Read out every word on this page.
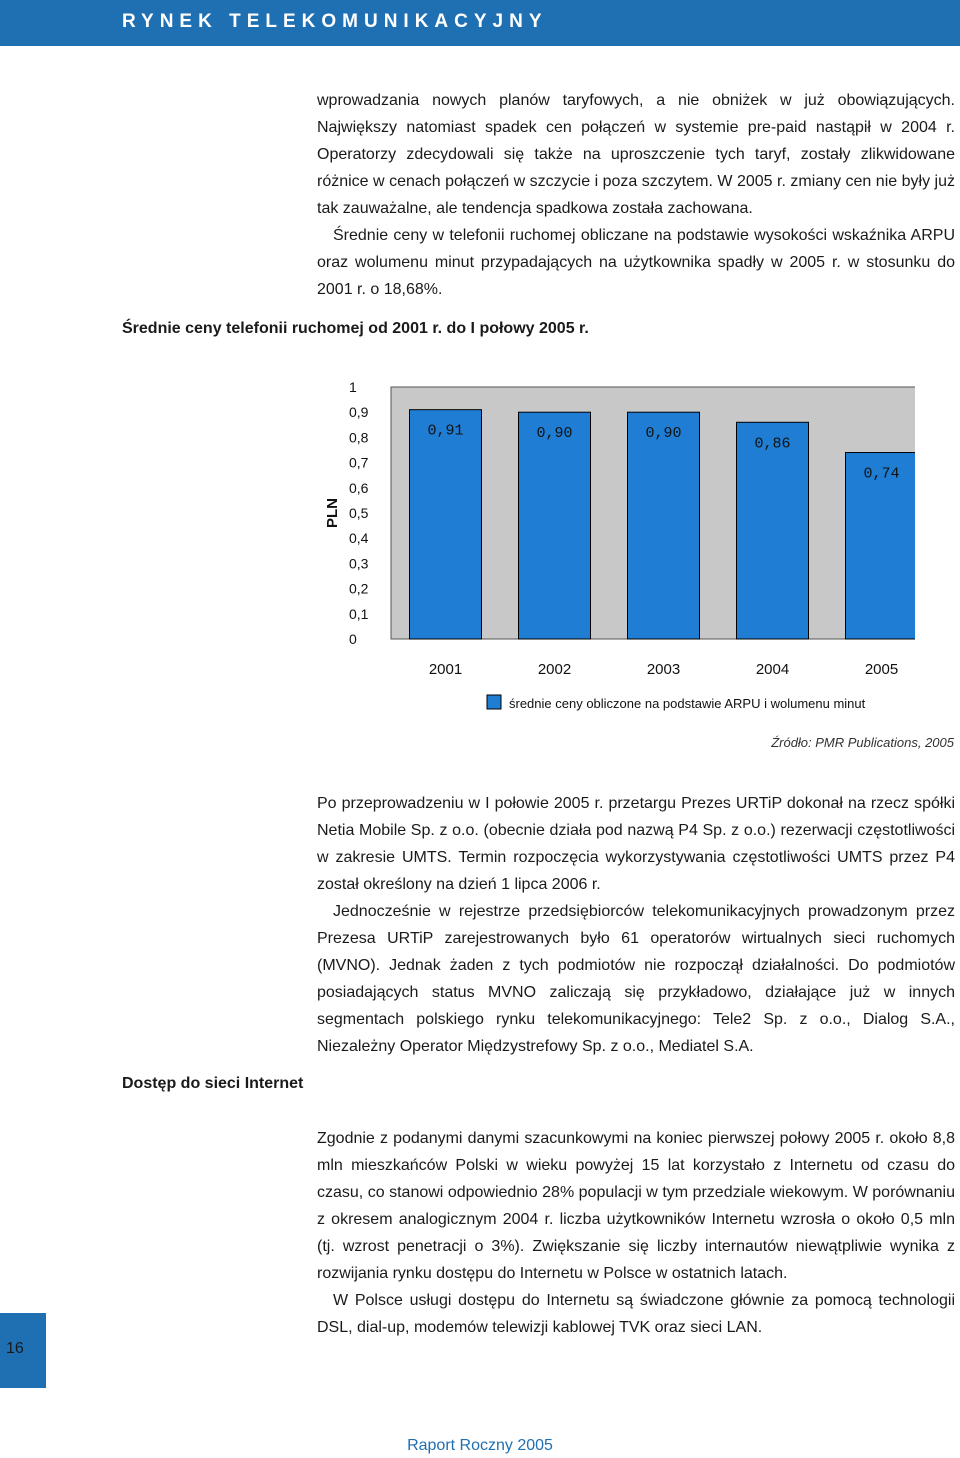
RYNEK TELEKOMUNIKACYJNY

wprowadzania nowych planów taryfowych, a nie obniżek w już obowiązujących. Największy natomiast spadek cen połączeń w systemie pre-paid nastąpił w 2004 r. Operatorzy zdecydowali się także na uproszczenie tych taryf, zostały zlikwidowane różnice w cenach połączeń w szczycie i poza szczytem. W 2005 r. zmiany cen nie były już tak zauważalne, ale tendencja spadkowa została zachowana.

Średnie ceny w telefonii ruchomej obliczane na podstawie wysokości wskaźnika ARPU oraz wolumenu minut przypadających na użytkownika spadły w 2005 r. w stosunku do 2001 r. o 18,68%.

Średnie ceny telefonii ruchomej od 2001 r. do I połowy 2005 r.
0
0,1
0,2
0,3
0,4
0,5
0,6
0,7
0,8
0,9
1
PLN
0,91
2001
0,90
2002
0,90
2003
0,86
2004
0,74
2005
średnie ceny obliczone na podstawie ARPU i wolumenu minut
Źródło: PMR Publications, 2005

Po przeprowadzeniu w I połowie 2005 r. przetargu Prezes URTiP dokonał na rzecz spółki Netia Mobile Sp. z o.o. (obecnie działa pod nazwą P4 Sp. z o.o.) rezerwacji częstotliwości w zakresie UMTS. Termin rozpoczęcia wykorzystywania częstotliwości UMTS przez P4 został określony na dzień 1 lipca 2006 r.

Jednocześnie w rejestrze przedsiębiorców telekomunikacyjnych prowadzonym przez Prezesa URTiP zarejestrowanych było 61 operatorów wirtualnych sieci ruchomych (MVNO). Jednak żaden z tych podmiotów nie rozpoczął działalności. Do podmiotów posiadających status MVNO zaliczają się przykładowo, działające już w innych segmentach polskiego rynku telekomunikacyjnego: Tele2 Sp. z o.o., Dialog S.A., Niezależny Operator Międzystrefowy Sp. z o.o., Mediatel S.A.

Dostęp do sieci Internet

Zgodnie z podanymi danymi szacunkowymi na koniec pierwszej połowy 2005 r. około 8,8 mln mieszkańców Polski w wieku powyżej 15 lat korzystało z Internetu od czasu do czasu, co stanowi odpowiednio 28% populacji w tym przedziale wiekowym. W porównaniu z okresem analogicznym 2004 r. liczba użytkowników Internetu wzrosła o około 0,5 mln (tj. wzrost penetracji o 3%). Zwiększanie się liczby internautów niewątpliwie wynika z rozwijania rynku dostępu do Internetu w Polsce w ostatnich latach.

W Polsce usługi dostępu do Internetu są świadczone głównie za pomocą technologii DSL, dial-up, modemów telewizji kablowej TVK oraz sieci LAN.

16
Raport Roczny 2005
